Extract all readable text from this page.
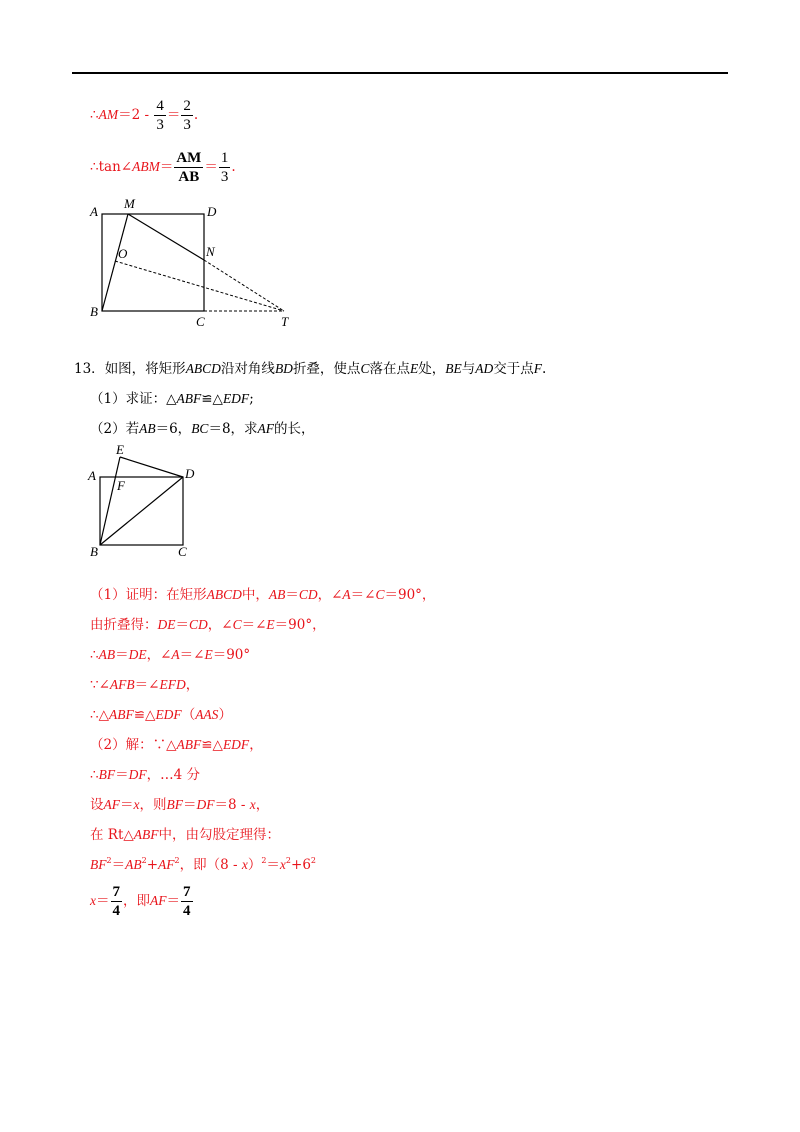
∴AM＝2 - $\frac{4}{3} = \frac{2}{3}$ .
∴tan∠ABM＝ $\frac{AM}{AB} = \frac{1}{3}$ .
A
M
D
O	N
B
C	T
13．如图，将矩形ABCD沿对角线BD折叠，使点C落在点E处，BE与AD交于点F.
（1）求证：△ABF≌△EDF;
（2）若AB＝6，BC＝8，求AF的长，
E
A
F
D
B	C
（1）证明：在矩形ABCD中，AB＝CD，∠A＝∠C＝90°，
由折叠得：DE＝CD，∠C＝∠E＝90°，
∴AB＝DE，∠A＝∠E＝90°
∵∠AFB＝∠EFD，
∴△ABF≌△EDF（AAS）
（2）解：∵△ABF≌△EDF，
∴BF＝DF，…4 分
设AF＝x，则BF＝DF＝8 - x，
在 Rt△ABF中，由勾股定理得：
$BF^2=AB^2+AF^2$，即$(8 - x)^2=x^2+6^2$
$x= \frac{7}{4}$ ，即$AF= \frac{7}{4}$
